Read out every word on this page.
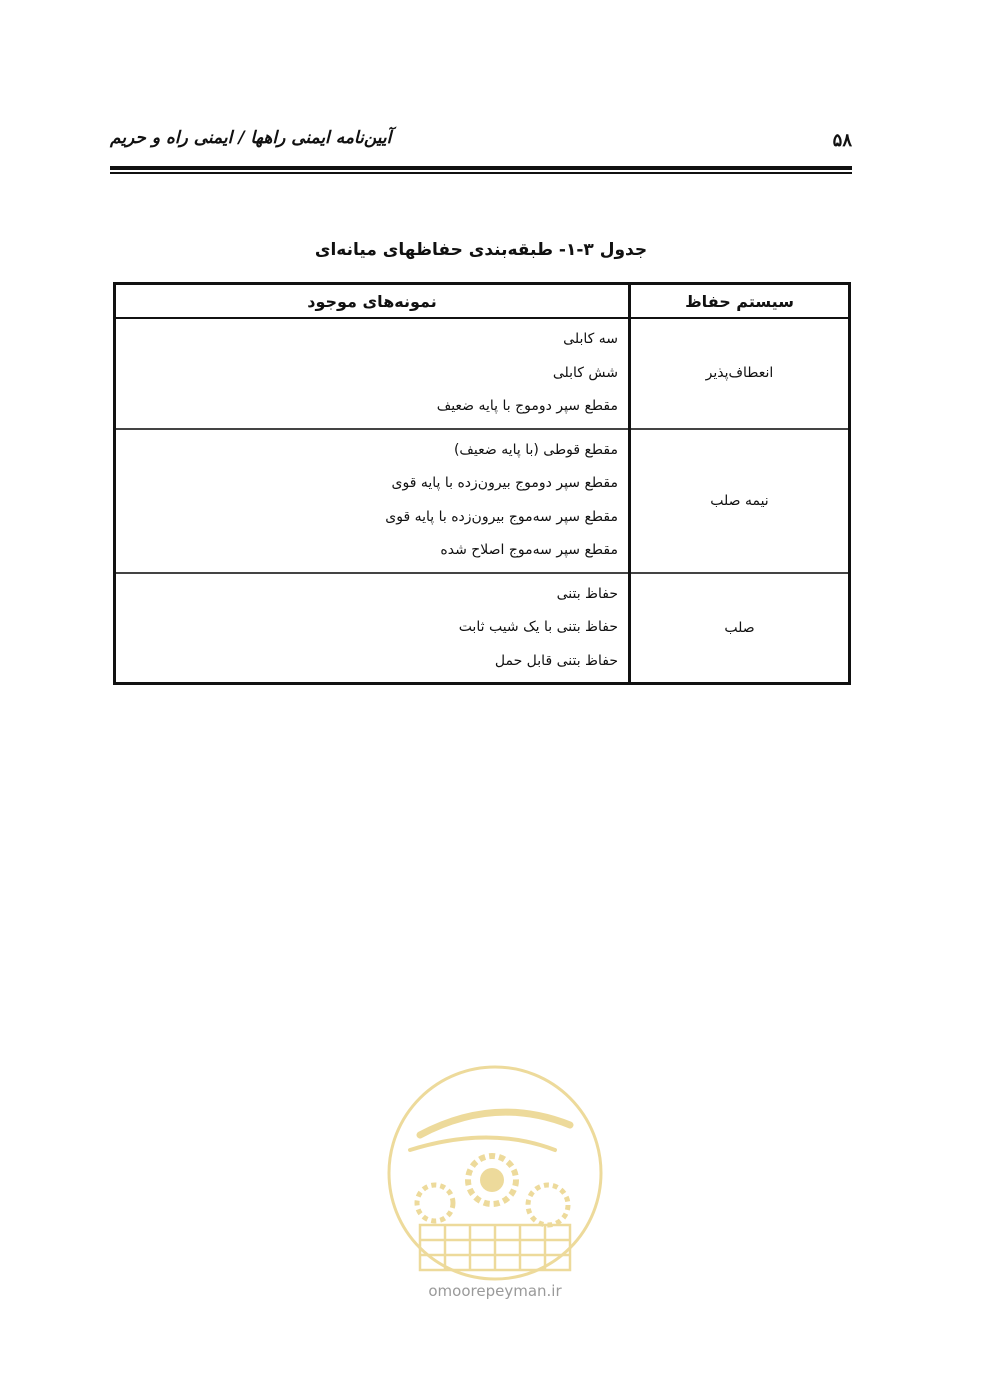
۵۸
آیین‌نامه ایمنی راهها / ایمنی راه و حریم
جدول ۳-۱- طبقه‌بندی حفاظهای میانه‌ای
سیستم حفاظ	نمونه‌های موجود
انعطاف‌پذیر	سه کابلی
شش کابلی
مقطع سپر دوموج با پایه ضعیف

نیمه صلب	مقطع قوطی (با پایه ضعیف)
مقطع سپر دوموج بیرون‌زده با پایه قوی
مقطع سپر سه‌موج بیرون‌زده با پایه قوی
مقطع سپر سه‌موج اصلاح شده

صلب	حفاظ بتنی
حفاظ بتنی با یک شیب ثابت
حفاظ بتنی قابل حمل
omoorepeyman.ir
